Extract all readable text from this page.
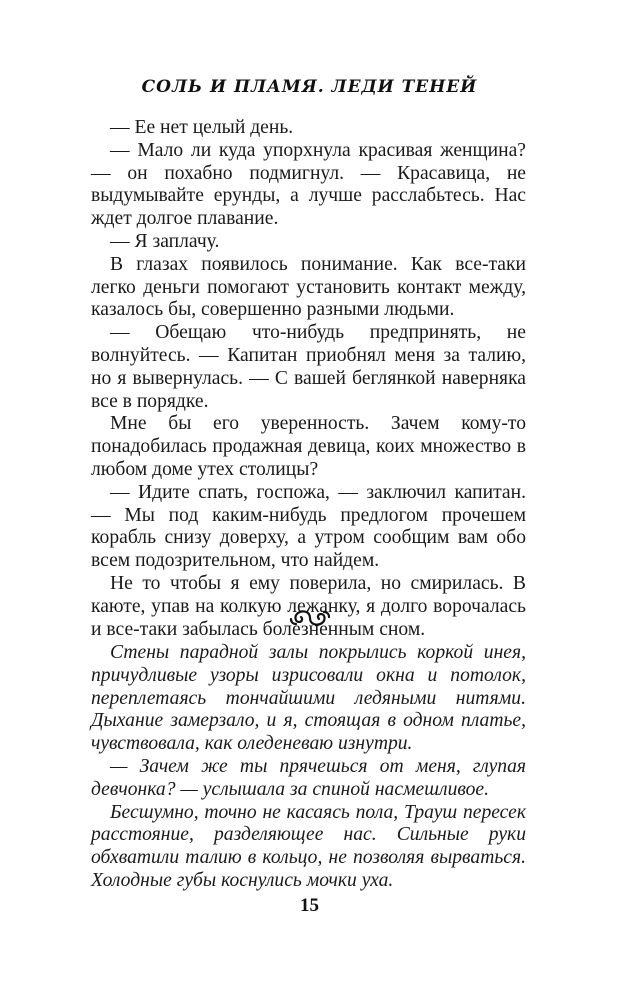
СОЛЬ И ПЛАМЯ. ЛЕДИ ТЕНЕЙ

— Ее нет целый день.

— Мало ли куда упорхнула красивая женщина? — он похабно подмигнул. — Красавица, не выдумывайте ерунды, а лучше расслабьтесь. Нас ждет долгое плавание.

— Я заплачу.

В глазах появилось понимание. Как все-таки легко деньги помогают установить контакт между, казалось бы, совершенно разными людьми.

— Обещаю что-нибудь предпринять, не волнуйтесь. — Капитан приобнял меня за талию, но я вывернулась. — С вашей беглянкой наверняка все в порядке.

Мне бы его уверенность. Зачем кому-то понадобилась продажная девица, коих множество в любом доме утех столицы?

— Идите спать, госпожа, — заключил капитан. — Мы под каким-нибудь предлогом прочешем корабль снизу доверху, а утром сообщим вам обо всем подозрительном, что найдем.

Не то чтобы я ему поверила, но смирилась. В каюте, упав на колкую лежанку, я долго ворочалась и все-таки забылась болезненным сном.

Стены парадной залы покрылись коркой инея, причудливые узоры изрисовали окна и потолок, переплетаясь тончайшими ледяными нитями. Дыхание замерзало, и я, стоящая в одном платье, чувствовала, как оледеневаю изнутри.

— Зачем же ты прячешься от меня, глупая девчонка? — услышала за спиной насмешливое.

Бесшумно, точно не касаясь пола, Трауш пересек расстояние, разделяющее нас. Сильные руки обхватили талию в кольцо, не позволяя вырваться. Холодные губы коснулись мочки уха.

15
